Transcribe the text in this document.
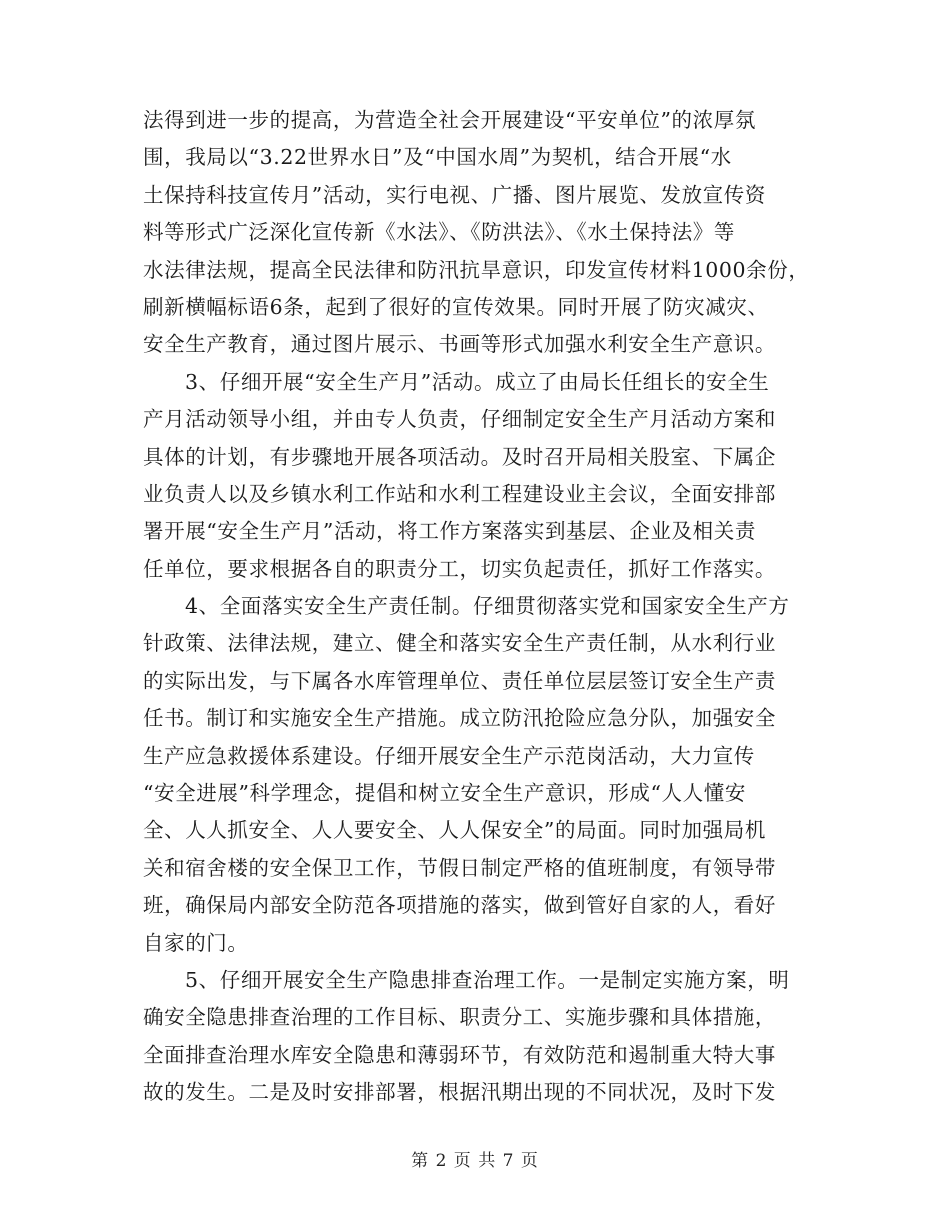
法得到进一步的提高，为营造全社会开展建设“平安单位”的浓厚氛
围，我局以“3.22世界水日”及“中国水周”为契机，结合开展“水
土保持科技宣传月”活动，实行电视、广播、图片展览、发放宣传资
料等形式广泛深化宣传新《水法》、《防洪法》、《水土保持法》等
水法律法规，提高全民法律和防汛抗旱意识，印发宣传材料1000余份，
刷新横幅标语6条，起到了很好的宣传效果。同时开展了防灾减灾、
安全生产教育，通过图片展示、书画等形式加强水利安全生产意识。
3、仔细开展“安全生产月”活动。成立了由局长任组长的安全生
产月活动领导小组，并由专人负责，仔细制定安全生产月活动方案和
具体的计划，有步骤地开展各项活动。及时召开局相关股室、下属企
业负责人以及乡镇水利工作站和水利工程建设业主会议，全面安排部
署开展“安全生产月”活动，将工作方案落实到基层、企业及相关责
任单位，要求根据各自的职责分工，切实负起责任，抓好工作落实。
4、全面落实安全生产责任制。仔细贯彻落实党和国家安全生产方
针政策、法律法规，建立、健全和落实安全生产责任制，从水利行业
的实际出发，与下属各水库管理单位、责任单位层层签订安全生产责
任书。制订和实施安全生产措施。成立防汛抢险应急分队，加强安全
生产应急救援体系建设。仔细开展安全生产示范岗活动，大力宣传
“安全进展”科学理念，提倡和树立安全生产意识，形成“人人懂安
全、人人抓安全、人人要安全、人人保安全”的局面。同时加强局机
关和宿舍楼的安全保卫工作，节假日制定严格的值班制度，有领导带
班，确保局内部安全防范各项措施的落实，做到管好自家的人，看好
自家的门。
5、仔细开展安全生产隐患排查治理工作。一是制定实施方案，明
确安全隐患排查治理的工作目标、职责分工、实施步骤和具体措施，
全面排查治理水库安全隐患和薄弱环节，有效防范和遏制重大特大事
故的发生。二是及时安排部署，根据汛期出现的不同状况，及时下发
第 2 页 共 7 页
